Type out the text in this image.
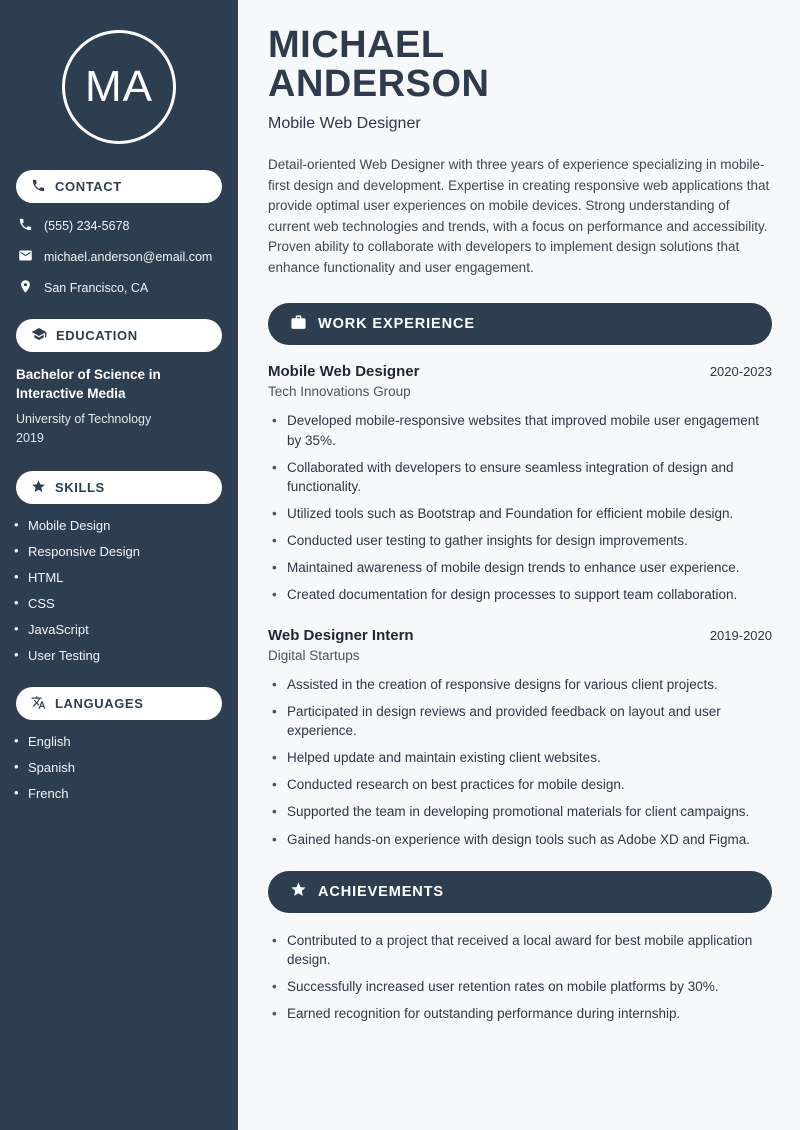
MA
CONTACT
(555) 234-5678
michael.anderson@email.com
San Francisco, CA
EDUCATION
Bachelor of Science in Interactive Media
University of Technology
2019
SKILLS
• Mobile Design
• Responsive Design
• HTML
• CSS
• JavaScript
• User Testing
LANGUAGES
• English
• Spanish
• French
MICHAEL
ANDERSON
Mobile Web Designer

Detail-oriented Web Designer with three years of experience specializing in mobile-first design and development. Expertise in creating responsive web applications that provide optimal user experiences on mobile devices. Strong understanding of current web technologies and trends, with a focus on performance and accessibility. Proven ability to collaborate with developers to implement design solutions that enhance functionality and user engagement.

WORK EXPERIENCE
Mobile Web Designer	2020-2023
Tech Innovations Group
• Developed mobile-responsive websites that improved mobile user engagement by 35%.
• Collaborated with developers to ensure seamless integration of design and functionality.
• Utilized tools such as Bootstrap and Foundation for efficient mobile design.
• Conducted user testing to gather insights for design improvements.
• Maintained awareness of mobile design trends to enhance user experience.
• Created documentation for design processes to support team collaboration.
Web Designer Intern	2019-2020
Digital Startups
• Assisted in the creation of responsive designs for various client projects.
• Participated in design reviews and provided feedback on layout and user experience.
• Helped update and maintain existing client websites.
• Conducted research on best practices for mobile design.
• Supported the team in developing promotional materials for client campaigns.
• Gained hands-on experience with design tools such as Adobe XD and Figma.
ACHIEVEMENTS
• Contributed to a project that received a local award for best mobile application design.
• Successfully increased user retention rates on mobile platforms by 30%.
• Earned recognition for outstanding performance during internship.
